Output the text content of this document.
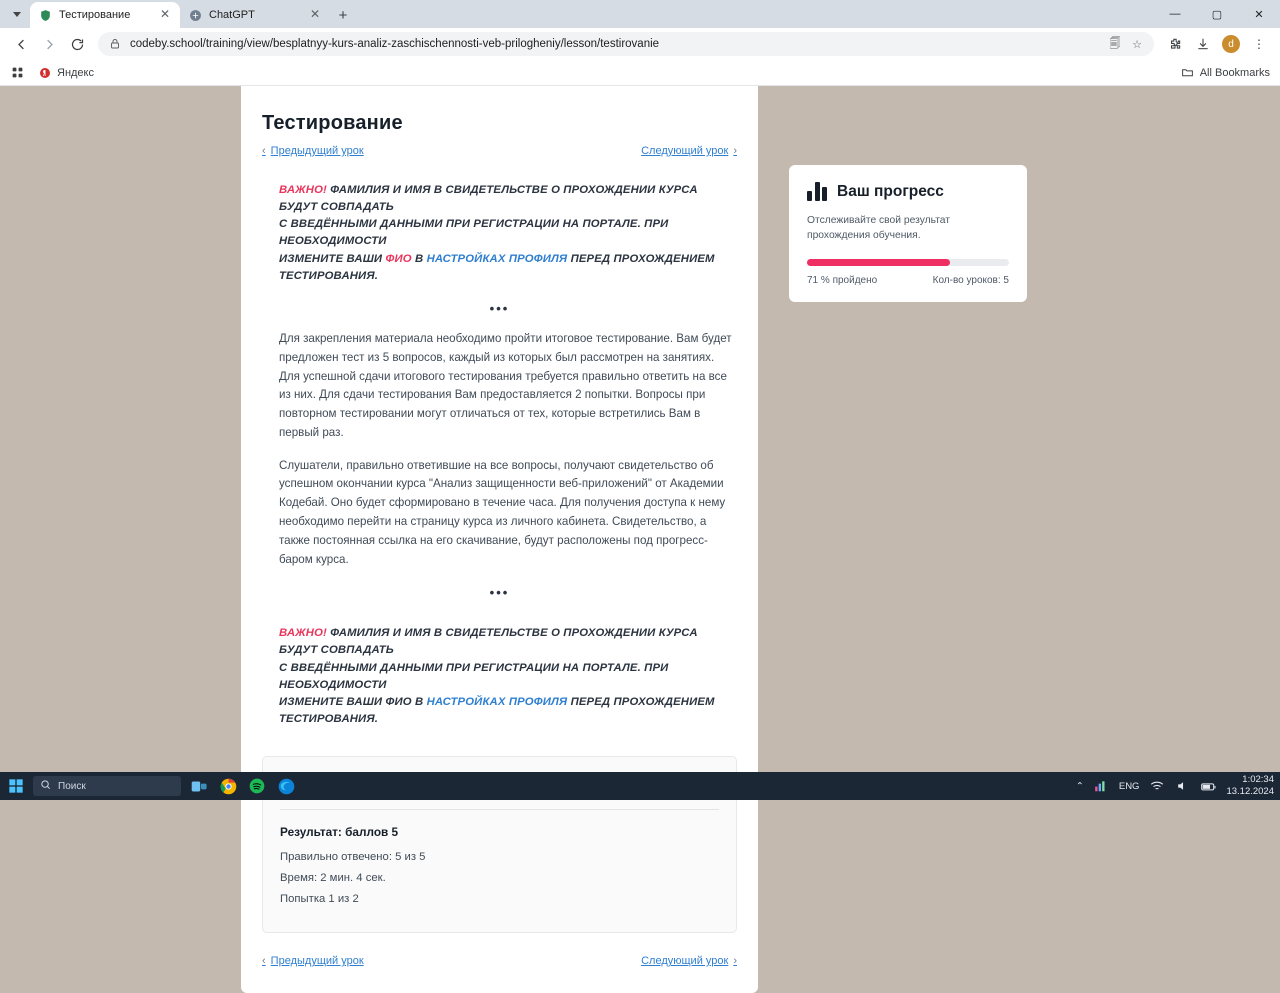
Тестирование	✕	ChatGPT	✕	+	—	▢	✕
codeby.school/training/view/besplatnyy-kurs-analiz-zaschischennosti-veb-prilogheniy/lesson/testirovanie	🗐 ☆	d	⋮
Яндекс	All Bookmarks
Тестирование
‹ Предыдущий урок	Следующий урок ›
ВАЖНО! ФАМИЛИЯ И ИМЯ В СВИДЕТЕЛЬСТВЕ О ПРОХОЖДЕНИИ КУРСА БУДУТ СОВПАДАТЬ
С ВВЕДЁННЫМИ ДАННЫМИ ПРИ РЕГИСТРАЦИИ НА ПОРТАЛЕ. ПРИ НЕОБХОДИМОСТИ
ИЗМЕНИТЕ ВАШИ ФИО В НАСТРОЙКАХ ПРОФИЛЯ ПЕРЕД ПРОХОЖДЕНИЕМ ТЕСТИРОВАНИЯ.
•••

Для закрепления материала необходимо пройти итоговое тестирование. Вам будет предложен тест из 5 вопросов, каждый из которых был рассмотрен на занятиях. Для успешной сдачи итогового тестирования требуется правильно ответить на все из них. Для сдачи тестирования Вам предоставляется 2 попытки. Вопросы при повторном тестировании могут отличаться от тех, которые встретились Вам в первый раз.

Слушатели, правильно ответившие на все вопросы, получают свидетельство об успешном окончании курса "Анализ защищенности веб-приложений" от Академии Кодебай. Оно будет сформировано в течение часа. Для получения доступа к нему необходимо перейти на страницу курса из личного кабинета. Свидетельство, а также постоянная ссылка на его скачивание, будут расположены под прогресс-баром курса.

•••
ВАЖНО! ФАМИЛИЯ И ИМЯ В СВИДЕТЕЛЬСТВЕ О ПРОХОЖДЕНИИ КУРСА БУДУТ СОВПАДАТЬ
С ВВЕДЁННЫМИ ДАННЫМИ ПРИ РЕГИСТРАЦИИ НА ПОРТАЛЕ. ПРИ НЕОБХОДИМОСТИ
ИЗМЕНИТЕ ВАШИ ФИО В НАСТРОЙКАХ ПРОФИЛЯ ПЕРЕД ПРОХОЖДЕНИЕМ ТЕСТИРОВАНИЯ.
Результат: баллов 5
Правильно отвечено: 5 из 5
Время: 2 мин. 4 сек.
Попытка 1 из 2
‹ Предыдущий урок	Следующий урок ›
Ваш прогресс
Отслеживайте свой результат прохождения обучения.
71 % пройдено	Кол-во уроков: 5
Поиск	⌃	ENG
1:02:34
13.12.2024
